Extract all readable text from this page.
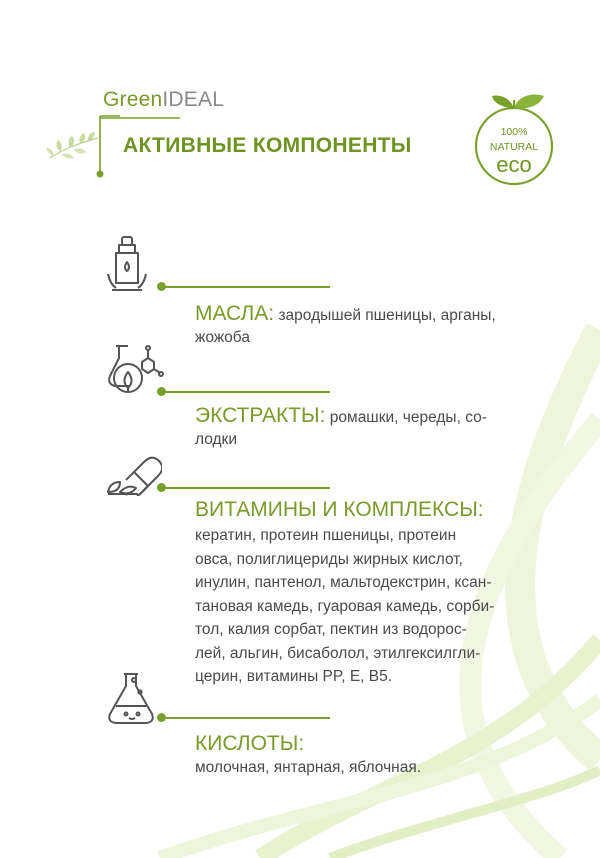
GreenIDEAL
АКТИВНЫЕ КОМПОНЕНТЫ
100%
NATURAL
eco
МАСЛА: зародышей пшеницы, арганы,
жожоба
ЭКСТРАКТЫ: ромашки, череды, со-
лодки
ВИТАМИНЫ И КОМПЛЕКСЫ:
кератин, протеин пшеницы, протеин
овса, полиглицериды жирных кислот,
инулин, пантенол, мальтодекстрин, ксан-
тановая камедь, гуаровая камедь, сорби-
тол, калия сорбат, пектин из водорос-
лей, альгин, бисаболол, этилгексилгли-
церин, витамины PP, E, B5.
КИСЛОТЫ:
молочная, янтарная, яблочная.
